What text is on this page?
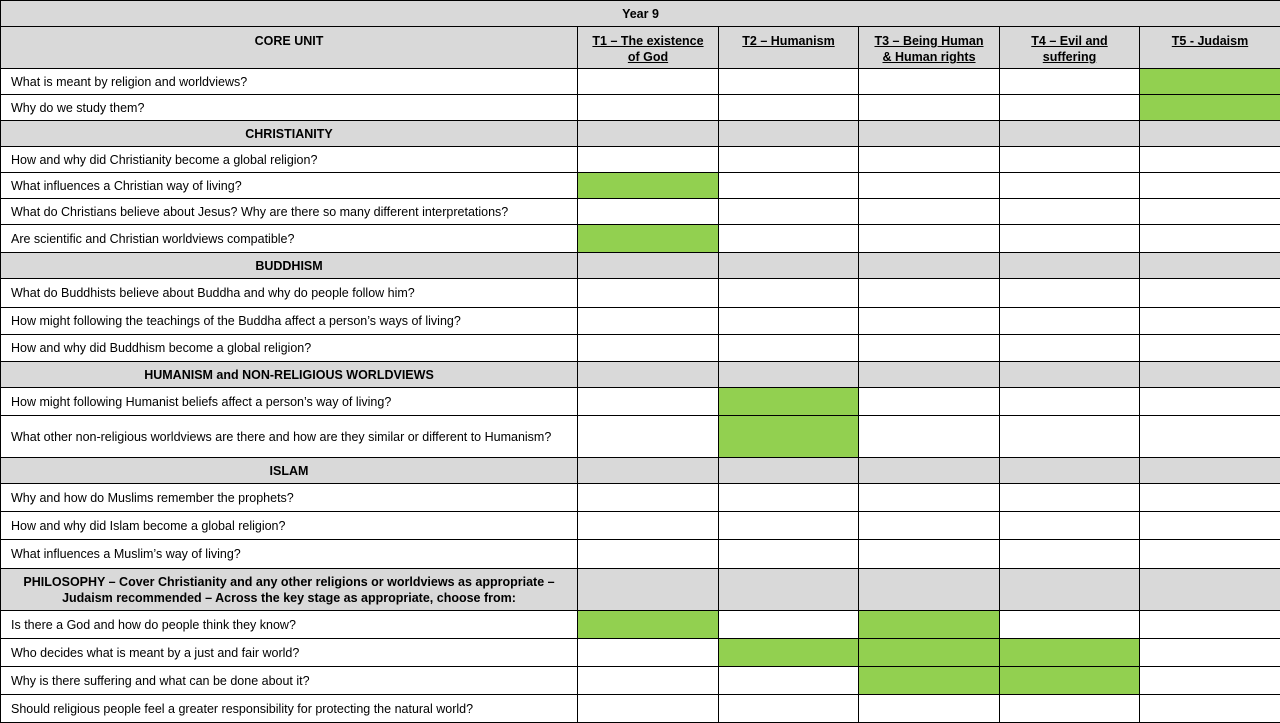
Year 9					
CORE UNIT	T1 – The existence of God	T2 – Humanism	T3 – Being Human & Human rights	T4 – Evil and suffering	T5 - Judaism
What is meant by religion and worldviews?					
Why do we study them?					
CHRISTIANITY					
How and why did Christianity become a global religion?					
What influences a Christian way of living?					
What do Christians believe about Jesus? Why are there so many different interpretations?					
Are scientific and Christian worldviews compatible?					
BUDDHISM					
What do Buddhists believe about Buddha and why do people follow him?					
How might following the teachings of the Buddha affect a person’s ways of living?					
How and why did Buddhism become a global religion?					
HUMANISM and NON-RELIGIOUS WORLDVIEWS					
How might following Humanist beliefs affect a person’s way of living?					
What other non-religious worldviews are there and how are they similar or different to Humanism?					
ISLAM					
Why and how do Muslims remember the prophets?					
How and why did Islam become a global religion?					
What influences a Muslim’s way of living?					
PHILOSOPHY – Cover Christianity and any other religions or worldviews as appropriate – Judaism recommended – Across the key stage as appropriate, choose from:					
Is there a God and how do people think they know?					
Who decides what is meant by a just and fair world?					
Why is there suffering and what can be done about it?					
Should religious people feel a greater responsibility for protecting the natural world?					
